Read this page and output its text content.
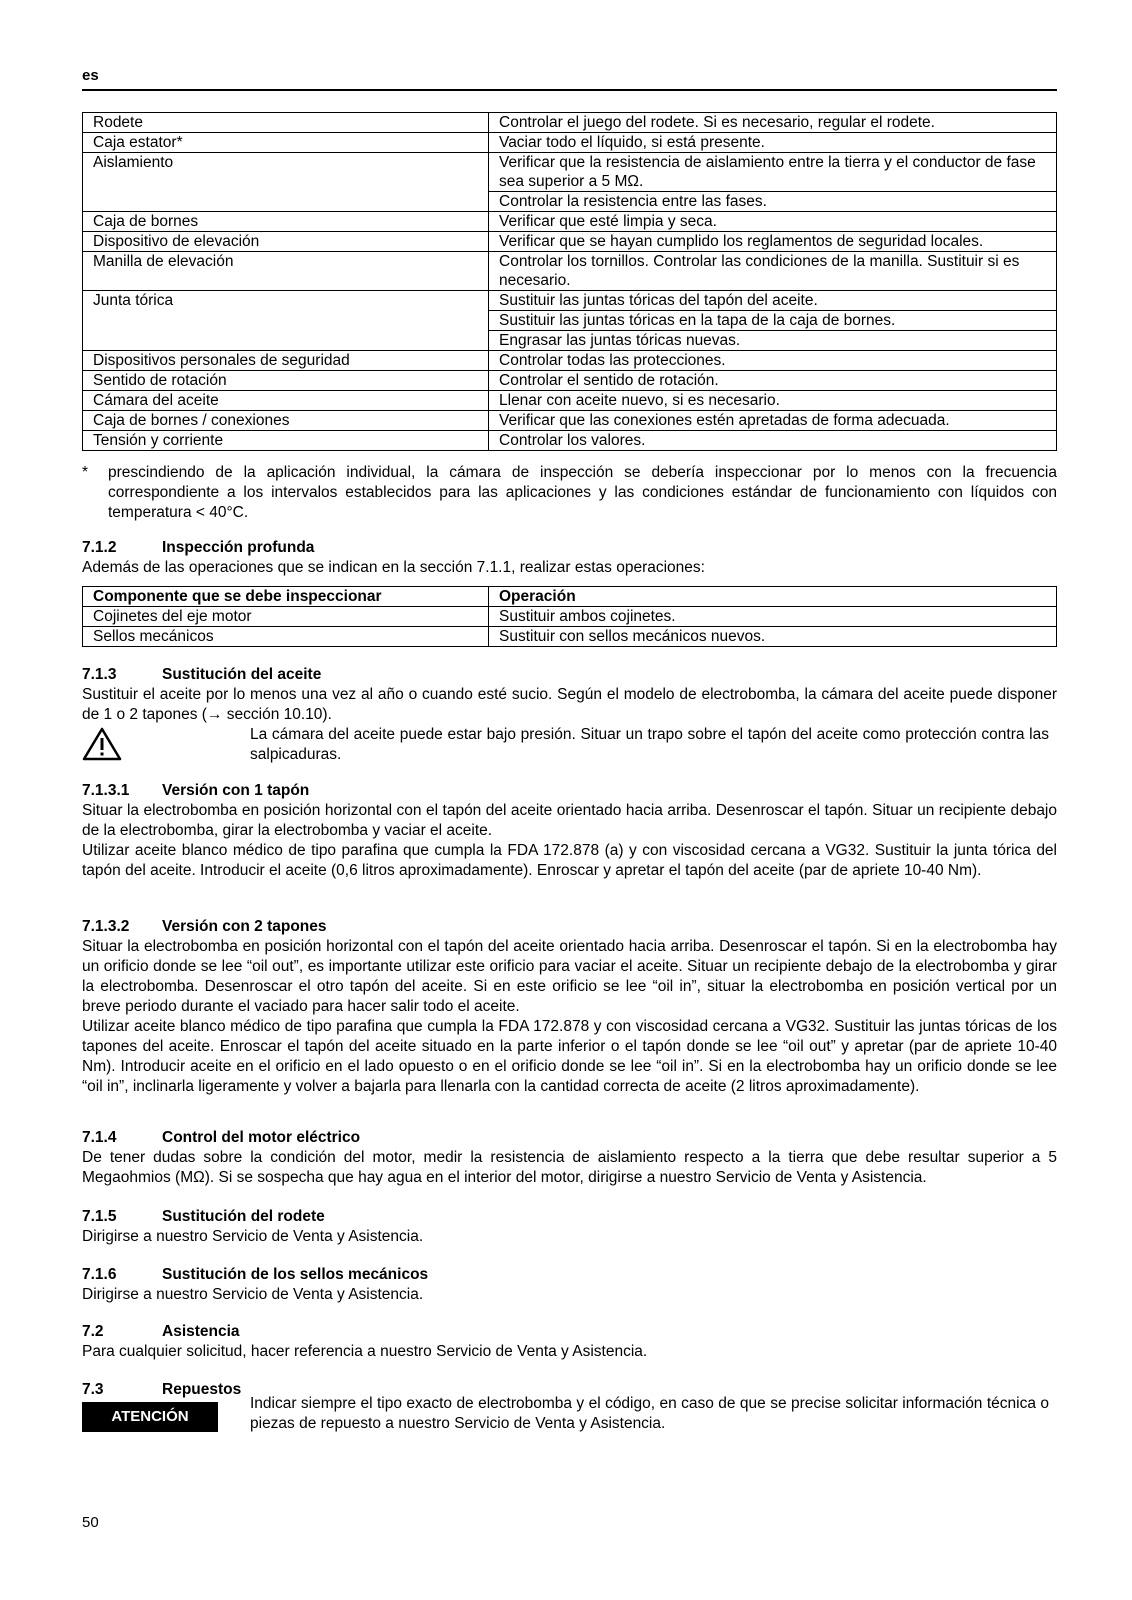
es
Rodete	Controlar el juego del rodete. Si es necesario, regular el rodete.
Caja estator*	Vaciar todo el líquido, si está presente.
Aislamiento	Verificar que la resistencia de aislamiento entre la tierra y el conductor de fase sea superior a 5 MΩ.
	Controlar la resistencia entre las fases.
Caja de bornes	Verificar que esté limpia y seca.
Dispositivo de elevación	Verificar que se hayan cumplido los reglamentos de seguridad locales.
Manilla de elevación	Controlar los tornillos. Controlar las condiciones de la manilla. Sustituir si es necesario.
Junta tórica	Sustituir las juntas tóricas del tapón del aceite.
	Sustituir las juntas tóricas en la tapa de la caja de bornes.
	Engrasar las juntas tóricas nuevas.
Dispositivos personales de seguridad	Controlar todas las protecciones.
Sentido de rotación	Controlar el sentido de rotación.
Cámara del aceite	Llenar con aceite nuevo, si es necesario.
Caja de bornes / conexiones	Verificar que las conexiones estén apretadas de forma adecuada.
Tensión y corriente	Controlar los valores.
*	prescindiendo de la aplicación individual, la cámara de inspección se debería inspeccionar por lo menos con la frecuencia correspondiente a los intervalos establecidos para las aplicaciones y las condiciones estándar de funcionamiento con líquidos con temperatura < 40°C.
7.1.2	Inspección profunda

Además de las operaciones que se indican en la sección 7.1.1, realizar estas operaciones:

Componente que se debe inspeccionar	Operación
Cojinetes del eje motor	Sustituir ambos cojinetes.
Sellos mecánicos	Sustituir con sellos mecánicos nuevos.
7.1.3	Sustitución del aceite

Sustituir el aceite por lo menos una vez al año o cuando esté sucio. Según el modelo de electrobomba, la cámara del aceite puede disponer de 1 o 2 tapones (→ sección 10.10).

La cámara del aceite puede estar bajo presión. Situar un trapo sobre el tapón del aceite como protección contra las salpicaduras.
7.1.3.1	Versión con 1 tapón

Situar la electrobomba en posición horizontal con el tapón del aceite orientado hacia arriba. Desenroscar el tapón. Situar un recipiente debajo de la electrobomba, girar la electrobomba y vaciar el aceite.

Utilizar aceite blanco médico de tipo parafina que cumpla la FDA 172.878 (a) y con viscosidad cercana a VG32. Sustituir la junta tórica del tapón del aceite. Introducir el aceite (0,6 litros aproximadamente). Enroscar y apretar el tapón del aceite (par de apriete 10-40 Nm).

7.1.3.2	Versión con 2 tapones

Situar la electrobomba en posición horizontal con el tapón del aceite orientado hacia arriba. Desenroscar el tapón. Si en la electrobomba hay un orificio donde se lee “oil out”, es importante utilizar este orificio para vaciar el aceite. Situar un recipiente debajo de la electrobomba y girar la electrobomba. Desenroscar el otro tapón del aceite. Si en este orificio se lee “oil in”, situar la electrobomba en posición vertical por un breve periodo durante el vaciado para hacer salir todo el aceite.

Utilizar aceite blanco médico de tipo parafina que cumpla la FDA 172.878 y con viscosidad cercana a VG32. Sustituir las juntas tóricas de los tapones del aceite. Enroscar el tapón del aceite situado en la parte inferior o el tapón donde se lee “oil out” y apretar (par de apriete 10-40 Nm). Introducir aceite en el orificio en el lado opuesto o en el orificio donde se lee “oil in”. Si en la electrobomba hay un orificio donde se lee “oil in”, inclinarla ligeramente y volver a bajarla para llenarla con la cantidad correcta de aceite (2 litros aproximadamente).

7.1.4	Control del motor eléctrico

De tener dudas sobre la condición del motor, medir la resistencia de aislamiento respecto a la tierra que debe resultar superior a 5 Megaohmios (MΩ). Si se sospecha que hay agua en el interior del motor, dirigirse a nuestro Servicio de Venta y Asistencia.

7.1.5	Sustitución del rodete

Dirigirse a nuestro Servicio de Venta y Asistencia.

7.1.6	Sustitución de los sellos mecánicos

Dirigirse a nuestro Servicio de Venta y Asistencia.

7.2	Asistencia

Para cualquier solicitud, hacer referencia a nuestro Servicio de Venta y Asistencia.

7.3	Repuestos
ATENCIÓN
Indicar siempre el tipo exacto de electrobomba y el código, en caso de que se precise solicitar información técnica o piezas de repuesto a nuestro Servicio de Venta y Asistencia.
50
